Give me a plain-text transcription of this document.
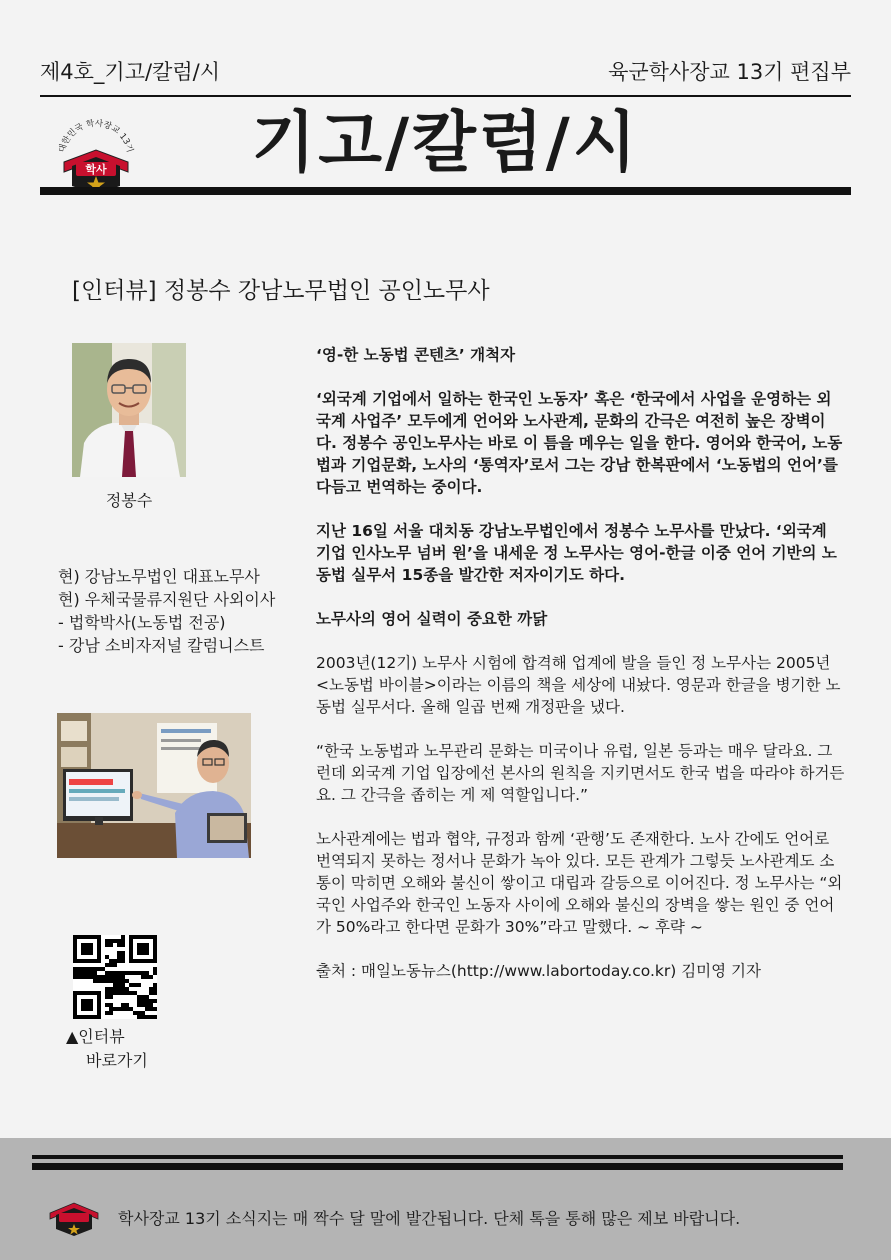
제4호_기고/칼럼/시	육군학사장교 13기 편집부
대한민국 학사장교 13기
학사	기고/칼럼/시
[인터뷰] 정봉수 강남노무법인 공인노무사
정봉수
현) 강남노무법인 대표노무사
현) 우체국물류지원단 사외이사
- 법학박사(노동법 전공)
- 강남 소비자저널 칼럼니스트
▲인터뷰
바로가기

‘영-한 노동법 콘텐츠’ 개척자

‘외국계 기업에서 일하는 한국인 노동자’ 혹은 ‘한국에서 사업을 운영하는 외국계 사업주’ 모두에게 언어와 노사관계, 문화의 간극은 여전히 높은 장벽이다. 정봉수 공인노무사는 바로 이 틈을 메우는 일을 한다. 영어와 한국어, 노동법과 기업문화, 노사의 ‘통역자’로서 그는 강남 한복판에서 ‘노동법의 언어’를 다듬고 번역하는 중이다.

지난 16일 서울 대치동 강남노무법인에서 정봉수 노무사를 만났다. ‘외국계 기업 인사노무 넘버 원’을 내세운 정 노무사는 영어-한글 이중 언어 기반의 노동법 실무서 15종을 발간한 저자이기도 하다.

노무사의 영어 실력이 중요한 까닭

2003년(12기) 노무사 시험에 합격해 업계에 발을 들인 정 노무사는 2005년 <노동법 바이블>이라는 이름의 책을 세상에 내놨다. 영문과 한글을 병기한 노동법 실무서다. 올해 일곱 번째 개정판을 냈다.

“한국 노동법과 노무관리 문화는 미국이나 유럽, 일본 등과는 매우 달라요. 그런데 외국계 기업 입장에선 본사의 원칙을 지키면서도 한국 법을 따라야 하거든요. 그 간극을 좁히는 게 제 역할입니다.”

노사관계에는 법과 협약, 규정과 함께 ‘관행’도 존재한다. 노사 간에도 언어로 번역되지 못하는 정서나 문화가 녹아 있다. 모든 관계가 그렇듯 노사관계도 소통이 막히면 오해와 불신이 쌓이고 대립과 갈등으로 이어진다. 정 노무사는 “외국인 사업주와 한국인 노동자 사이에 오해와 불신의 장벽을 쌓는 원인 중 언어가 50%라고 한다면 문화가 30%”라고 말했다. ~ 후략 ~

출처 : 매일노동뉴스(http://www.labortoday.co.kr) 김미영 기자

학사장교 13기 소식지는 매 짝수 달 말에 발간됩니다. 단체 톡을 통해 많은 제보 바랍니다.
